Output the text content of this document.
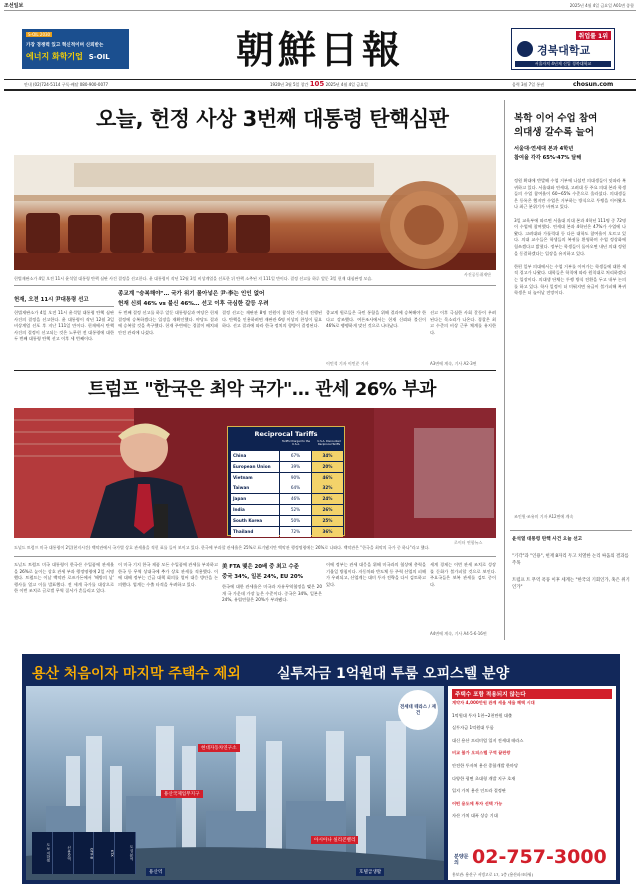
조선일보	2025년 4월 4일 금요일 A01면 종합
S-OIL 2030
가장 경쟁력 있고 혁신적이며 신뢰받는
에너지 화학기업 S-OIL	朝鮮日報	취업률 1위
경북대학교
서울자치 4년제 신입 경북대학교
안내 (02)724-5114 구독·배달 080-900-0077	1920년 3월 5일 창간 105 2025년 4월 4일 금요일	음력 3월 7일 통권	chosun.com
오늘, 헌정 사상 3번째 대통령 탄핵심판
사진공동취재단
헌법재판소가 4일 오전 11시 윤석열 대통령 탄핵 심판 사건 결정을 선고한다. 윤 대통령이 작년 12월 3일 비상계엄을 선포한 뒤 탄핵 소추된 지 111일 만이다. 결정 선고를 하루 앞둔 3일 헌재 대심판정 모습.
헌재, 오전 11시 尹대통령 선고
종교계 "승복해야"… 국가 위기 몰아넣은 尹·李는 인인 없어
헌재 신뢰 46% vs 불신 46%… 선고 이후 극심한 갈등 우려
헌법재판소가 4일 오전 11시 윤석열 대통령 탄핵 심판 사건의 결정을 선고한다. 윤 대통령이 작년 12월 3일 비상계엄 선포 후 지난 111일 만이다. 헌재에서 탄핵 사건의 결정이 선고되는 것은 노무현 전 대통령에 대한 두 번째 대통령 탄핵 선고 이후 세 번째이다.
두 번째 결정 선고를 하루 앞둔 대통령실과 여당은 헌재 결정에 승복하겠다는 입장을 재확인했다. 야당도 결과에 승복할 것을 촉구했다. 헌재 주변에는 경찰이 배치돼 안전 관리에 나섰다.
결정 선고는 재판관 8명 전원이 참석한 가운데 진행된다. 탄핵을 인용하려면 재판관 6명 이상의 찬성이 필요하다. 선고 결과에 따라 한국 정치의 향방이 결정된다.
종교계 원로들은 국민 통합을 위해 결과에 승복해야 한다고 강조했다. 여론조사에서는 헌재 신뢰와 불신이 46%로 팽팽하게 맞선 것으로 나타났다.
선고 이후 극심한 사회 갈등이 우려된다는 목소리가 나온다. 경찰은 최고 수준의 비상 근무 체계를 유지한다.
이민석 기자 이민준 기자	A3면에 계속, 기사 A2·3면
트럼프 "한국은 최악 국가"… 관세 26% 부과
Reciprocal Tariffs
Tariffs Charged to the U.S.A.
U.S.A. Discounted Reciprocal Tariffs
China	67%	34%
European Union	39%	20%
Vietnam	90%	46%
Taiwan	64%	32%
Japan	46%	24%
India	52%	26%
South Korea	50%	25%
Thailand	72%	36%
로이터 연합뉴스
도널드 트럼프 미국 대통령이 2일(현지시간) 백악관에서 국가별 상호 관세율을 적힌 표를 들어 보이고 있다. 한국에 부과할 관세율은 25%로 표기됐지만 백악관 행정명령에는 26%로 나와다. 백악관은 "한국을 최악의 국가 중 하나"라고 했다.
도널드 트럼프 미국 대통령이 한국산 수입품에 관세율을 26%로 높이는 상호 관세 부과 행정명령에 2일 서명했다. 트럼프는 이날 백악관 로즈가든에서 '해방의 날' 행사를 열고 이를 발표했다. 전 세계 국가를 대상으로 한 이번 조치로 글로벌 무역 질서가 흔들리고 있다.
이 미국 기지 한국 제품 모든 수입품에 관세를 부과하고 한국 등 무역 상대국에 추가 상호 관세를 적용했다. 이에 대해 정부는 긴급 대책 회의를 열어 대응 방안을 논의했다. 업계는 수출 타격을 우려하고 있다.
美 FTA 맺은 20배 중 최고 수준
중국 34%, 일본 24%, EU 20%
한국에 대한 관세율은 미국과 자유무역협정을 맺은 20개 국 가운데 가장 높은 수준이다. 중국은 34%, 일본은 24%, 유럽연합은 20%가 부과됐다.
이에 정부는 관세 대응을 위해 미국과의 협상에 총력을 기울일 방침이다. 자동차와 반도체 등 주력 산업의 피해가 우려되고, 산업계는 대미 투자 전략을 다시 검토하고 있다.
세계 경제는 이번 관세 조치로 성장률 둔화가 불가피할 것으로 보인다. 주요국들은 보복 관세를 검토 중이다.
A4면에 계속, 기사 A4·5·6·16면
복학 이어 수업 참여
의대생 갈수록 늘어
서울대·연세대 본과 4학년
참여율 각각 65%·47% 달해
정원 확대에 반발해 수업 거부에 나섰던 의대생들이 잇따라 복귀하고 있다. 서울대와 연세대, 고려대 등 주요 의대 본과 학생들의 수업 참여율이 60~65% 수준으로 올라섰다. 의대생들은 등록은 했지만 수업은 거부하는 방식으로 투쟁을 이어왔으나 최근 분위기가 바뀌고 있다.

3일 교육부에 따르면 서울대 의대 본과 4학년 111명 중 72명이 수업에 참여했다. 연세대 본과 4학년은 47%가 수업에 나왔다. 고려대와 가톨릭대 등 다른 대학도 참여율이 오르고 있다. 의대 교수들은 학생들의 복귀를 환영하며 수업 정상화에 힘쓰겠다고 밝혔다. 정부는 학생들이 돌아오면 내년 의대 정원을 동결하겠다는 입장을 유지하고 있다.

한편 일부 의대에서는 수업 거부를 이어가는 학생들에 대한 제적 경고가 나왔다. 대학들은 학칙에 따라 원칙대로 처리하겠다는 입장이다. 의대생 단체는 투쟁 방식 전환을 두고 내부 논의를 하고 있다. 학사 일정이 더 미뤄지면 유급이 불가피해 복귀 학생은 더 늘어날 전망이다.
조인원·조유미 기자 A12면에 계속
윤석열 대통령 탄핵 사건 오늘 선고
"기각"과 "인용", 헌재 8자리 두고 치열한 논리 싸움의 결과를 주목
트럼프 트 무역 폭풍 이후 세계는 "한국의 기회인가, 혹은 위기인가"
용산 처음이자 마지막 주택수 제외	실투자금 1억원대 투룸 오피스텔 분양
현대자동차연구소
용산국제업무지구
아시아나 실리콘밸리
용산역	호텔급생활
전세대 테라스 / 재건
도보 지하철	신용산역	GTX·B	KTX	도심 분석
주택수 포함 적용되지 않는다
계약자 4,000만원 관계 세율 세율 혜택 시대
1억원대 투자 1천~2천만원 대출
실투자금 1억원대 투룸
대신 용산 프리미엄 입지 전세대 테라스
비교 불가 오피스텔 구역 끝판왕
안전한 투자처 용산 종합개발 한마당
다양한 평면 초대형 개발 지구 호재
입지 가치 용산 인프라 결정판
어떤 용도에 투자 선택 가능
자산 가치 대폭 상승 기대
분양문의 02-757-3000
홍보관: 용산구 서빙고로 17, 1층 (용산파크타워)
